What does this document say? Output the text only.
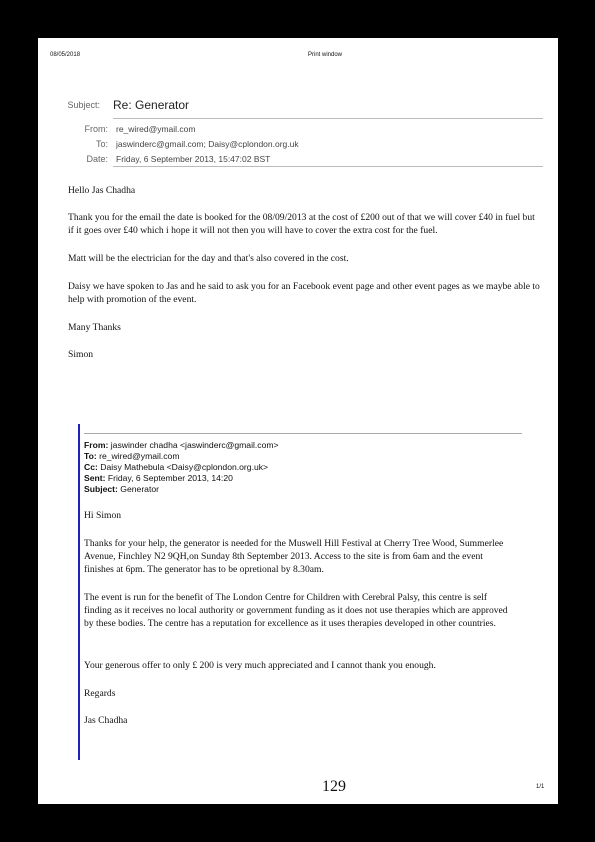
08/05/2018	Print window
Subject: Re: Generator
From: re_wired@ymail.com
To: jaswinderc@gmail.com; Daisy@cplondon.org.uk
Date: Friday, 6 September 2013, 15:47:02 BST

Hello Jas Chadha

Thank you for the email the date is booked for the 08/09/2013 at the cost of £200 out of that we will cover £40 in fuel but if it goes over £40 which i hope it will not then you will have to cover the extra cost for the fuel.

Matt will be the electrician for the day and that's also covered in the cost.

Daisy we have spoken to Jas and he said to ask you for an Facebook event page and other event pages as we maybe able to help with promotion of the event.

Many Thanks

Simon

From: jaswinder chadha <jaswinderc@gmail.com>
To: re_wired@ymail.com
Cc: Daisy Mathebula <Daisy@cplondon.org.uk>
Sent: Friday, 6 September 2013, 14:20
Subject: Generator

Hi Simon

Thanks for your help, the generator is needed for the Muswell Hill Festival at Cherry Tree Wood, Summerlee Avenue, Finchley N2 9QH,on Sunday 8th September 2013. Access to the site is from 6am and the event finishes at 6pm. The generator has to be opretional by 8.30am.

The event is run for the benefit of The London Centre for Children with Cerebral Palsy, this centre is self finding as it receives no local authority or government funding as it does not use therapies which are approved by these bodies. The centre has a reputation for excellence as it uses therapies developed in other countries.

Your generous offer to only £ 200 is very much appreciated and I cannot thank you enough.

Regards

Jas Chadha

129	1/1
